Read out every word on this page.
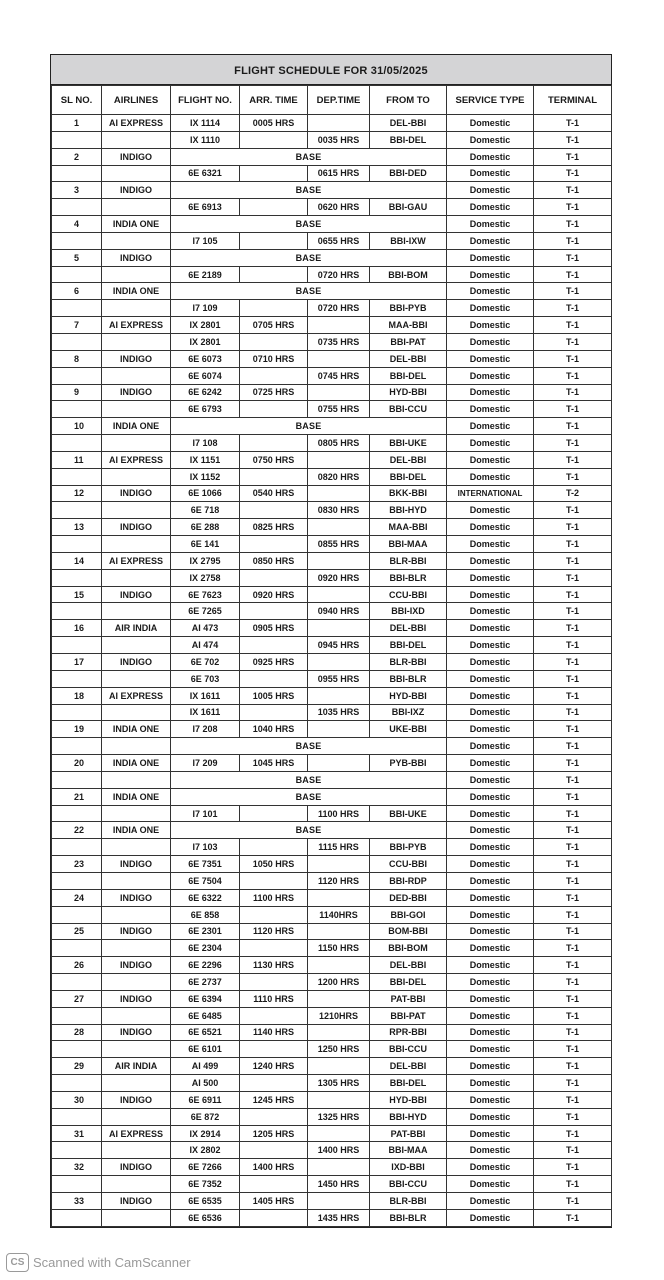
FLIGHT SCHEDULE FOR 31/05/2025
SL NO.	AIRLINES	FLIGHT NO.	ARR. TIME	DEP.TIME	FROM TO	SERVICE TYPE	TERMINAL
1	AI EXPRESS	IX 1114	0005 HRS		DEL-BBI	Domestic	T-1
		IX 1110		0035 HRS	BBI-DEL	Domestic	T-1
2	INDIGO	BASE				Domestic	T-1
		6E 6321		0615 HRS	BBI-DED	Domestic	T-1
3	INDIGO	BASE				Domestic	T-1
		6E 6913		0620 HRS	BBI-GAU	Domestic	T-1
4	INDIA ONE	BASE				Domestic	T-1
		I7 105		0655 HRS	BBI-IXW	Domestic	T-1
5	INDIGO	BASE				Domestic	T-1
		6E 2189		0720 HRS	BBI-BOM	Domestic	T-1
6	INDIA ONE	BASE				Domestic	T-1
		I7 109		0720 HRS	BBI-PYB	Domestic	T-1
7	AI EXPRESS	IX 2801	0705 HRS		MAA-BBI	Domestic	T-1
		IX 2801		0735 HRS	BBI-PAT	Domestic	T-1
8	INDIGO	6E 6073	0710 HRS		DEL-BBI	Domestic	T-1
		6E 6074		0745 HRS	BBI-DEL	Domestic	T-1
9	INDIGO	6E 6242	0725 HRS		HYD-BBI	Domestic	T-1
		6E 6793		0755 HRS	BBI-CCU	Domestic	T-1
10	INDIA ONE	BASE				Domestic	T-1
		I7 108		0805 HRS	BBI-UKE	Domestic	T-1
11	AI EXPRESS	IX 1151	0750 HRS		DEL-BBI	Domestic	T-1
		IX 1152		0820 HRS	BBI-DEL	Domestic	T-1
12	INDIGO	6E 1066	0540 HRS		BKK-BBI	INTERNATIONAL	T-2
		6E 718		0830 HRS	BBI-HYD	Domestic	T-1
13	INDIGO	6E 288	0825 HRS		MAA-BBI	Domestic	T-1
		6E 141		0855 HRS	BBI-MAA	Domestic	T-1
14	AI EXPRESS	IX 2795	0850 HRS		BLR-BBI	Domestic	T-1
		IX 2758		0920 HRS	BBI-BLR	Domestic	T-1
15	INDIGO	6E 7623	0920 HRS		CCU-BBI	Domestic	T-1
		6E 7265		0940 HRS	BBI-IXD	Domestic	T-1
16	AIR INDIA	AI 473	0905 HRS		DEL-BBI	Domestic	T-1
		AI 474		0945 HRS	BBI-DEL	Domestic	T-1
17	INDIGO	6E 702	0925 HRS		BLR-BBI	Domestic	T-1
		6E 703		0955 HRS	BBI-BLR	Domestic	T-1
18	AI EXPRESS	IX 1611	1005 HRS		HYD-BBI	Domestic	T-1
		IX 1611		1035 HRS	BBI-IXZ	Domestic	T-1
19	INDIA ONE	I7 208	1040 HRS		UKE-BBI	Domestic	T-1
		BASE				Domestic	T-1
20	INDIA ONE	I7 209	1045 HRS		PYB-BBI	Domestic	T-1
		BASE				Domestic	T-1
21	INDIA ONE	BASE				Domestic	T-1
		I7 101		1100 HRS	BBI-UKE	Domestic	T-1
22	INDIA ONE	BASE				Domestic	T-1
		I7 103		1115 HRS	BBI-PYB	Domestic	T-1
23	INDIGO	6E 7351	1050 HRS		CCU-BBI	Domestic	T-1
		6E 7504		1120 HRS	BBI-RDP	Domestic	T-1
24	INDIGO	6E 6322	1100 HRS		DED-BBI	Domestic	T-1
		6E 858		1140HRS	BBI-GOI	Domestic	T-1
25	INDIGO	6E 2301	1120 HRS		BOM-BBI	Domestic	T-1
		6E 2304		1150 HRS	BBI-BOM	Domestic	T-1
26	INDIGO	6E 2296	1130 HRS		DEL-BBI	Domestic	T-1
		6E 2737		1200 HRS	BBI-DEL	Domestic	T-1
27	INDIGO	6E 6394	1110 HRS		PAT-BBI	Domestic	T-1
		6E 6485		1210HRS	BBI-PAT	Domestic	T-1
28	INDIGO	6E 6521	1140 HRS		RPR-BBI	Domestic	T-1
		6E 6101		1250 HRS	BBI-CCU	Domestic	T-1
29	AIR INDIA	AI 499	1240 HRS		DEL-BBI	Domestic	T-1
		AI 500		1305 HRS	BBI-DEL	Domestic	T-1
30	INDIGO	6E 6911	1245 HRS		HYD-BBI	Domestic	T-1
		6E 872		1325 HRS	BBI-HYD	Domestic	T-1
31	AI EXPRESS	IX 2914	1205 HRS		PAT-BBI	Domestic	T-1
		IX 2802		1400 HRS	BBI-MAA	Domestic	T-1
32	INDIGO	6E 7266	1400 HRS		IXD-BBI	Domestic	T-1
		6E 7352		1450 HRS	BBI-CCU	Domestic	T-1
33	INDIGO	6E 6535	1405 HRS		BLR-BBI	Domestic	T-1
		6E 6536		1435 HRS	BBI-BLR	Domestic	T-1
CS Scanned with CamScanner
